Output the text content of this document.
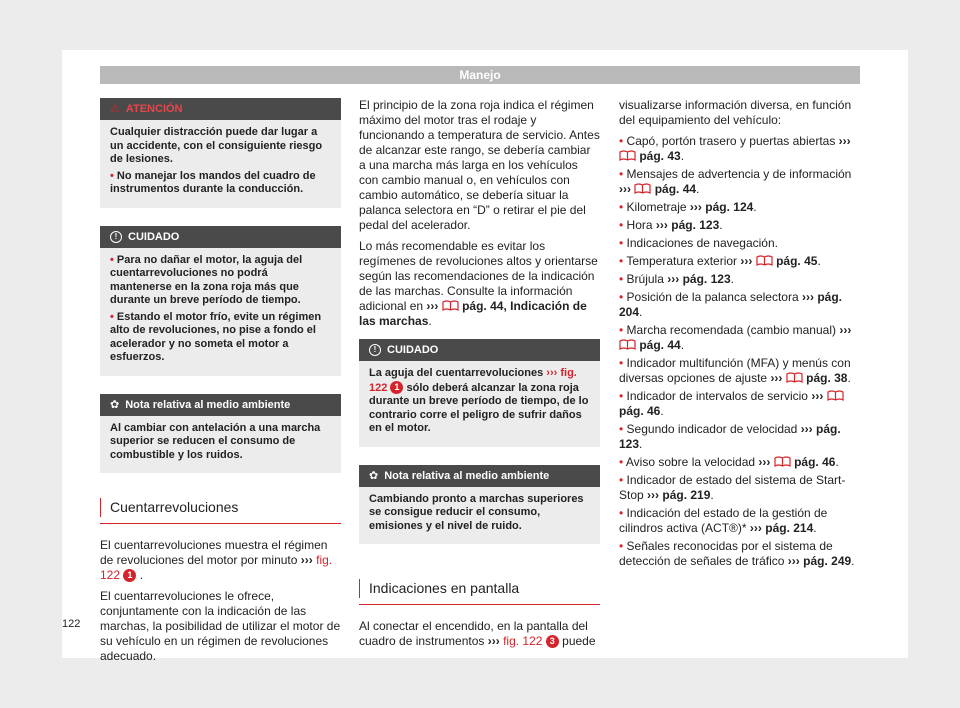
Manejo
⚠ ATENCIÓN

Cualquier distracción puede dar lugar a un accidente, con el consiguiente riesgo de lesiones.

• No manejar los mandos del cuadro de instrumentos durante la conducción.

! CUIDADO

• Para no dañar el motor, la aguja del cuentarrevoluciones no podrá mantenerse en la zona roja más que durante un breve período de tiempo.

• Estando el motor frío, evite un régimen alto de revoluciones, no pise a fondo el acelerador y no someta el motor a esfuerzos.

✿ Nota relativa al medio ambiente

Al cambiar con antelación a una marcha superior se reducen el consumo de combustible y los ruidos.

Cuentarrevoluciones

El cuentarrevoluciones muestra el régimen de revoluciones del motor por minuto ››› fig. 122 1 .

El cuentarrevoluciones le ofrece, conjuntamente con la indicación de las marchas, la posibilidad de utilizar el motor de su vehículo en un régimen de revoluciones adecuado.

El principio de la zona roja indica el régimen máximo del motor tras el rodaje y funcionando a temperatura de servicio. Antes de alcanzar este rango, se debería cambiar a una marcha más larga en los vehículos con cambio manual o, en vehículos con cambio automático, se debería situar la palanca selectora en “D” o retirar el pie del pedal del acelerador.

Lo más recomendable es evitar los regímenes de revoluciones altos y orientarse según las recomendaciones de la indicación de las marchas. Consulte la información adicional en ››› pág. 44, Indicación de las marchas.

! CUIDADO

La aguja del cuentarrevoluciones ››› fig. 122 1 sólo deberá alcanzar la zona roja durante un breve período de tiempo, de lo contrario corre el peligro de sufrir daños en el motor.

✿ Nota relativa al medio ambiente

Cambiando pronto a marchas superiores se consigue reducir el consumo, emisiones y el nivel de ruido.

Indicaciones en pantalla

Al conectar el encendido, en la pantalla del cuadro de instrumentos ››› fig. 122 3 puede

visualizarse información diversa, en función del equipamiento del vehículo:

• Capó, portón trasero y puertas abiertas ›››  pág. 43.
• Mensajes de advertencia y de información ››› pág. 44.
• Kilometraje ››› pág. 124.
• Hora ››› pág. 123.
• Indicaciones de navegación.
• Temperatura exterior ››› pág. 45.
• Brújula ››› pág. 123.
• Posición de la palanca selectora ››› pág. 204.
• Marcha recomendada (cambio manual) ›››  pág. 44.
• Indicador multifunción (MFA) y menús con diversas opciones de ajuste ››› pág. 38.
• Indicador de intervalos de servicio ›››  pág. 46.
• Segundo indicador de velocidad ››› pág. 123.
• Aviso sobre la velocidad ››› pág. 46.
• Indicador de estado del sistema de Start-Stop ››› pág. 219.
• Indicación del estado de la gestión de cilindros activa (ACT®)* ››› pág. 214.
• Señales reconocidas por el sistema de detección de señales de tráfico ››› pág. 249.
122
